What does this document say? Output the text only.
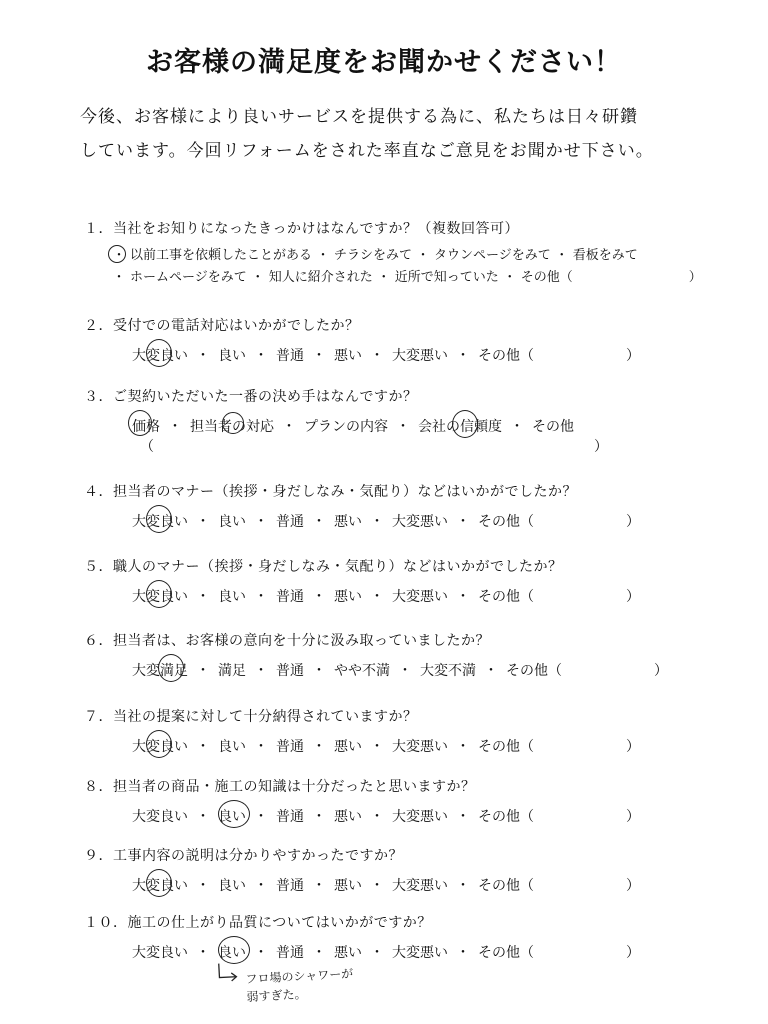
お客様の満足度をお聞かせください！
今後、お客様により良いサービスを提供する為に、私たちは日々研鑽
しています。今回リフォームをされた率直なご意見をお聞かせ下さい。
１．当社をお知りになったきっかけはなんですか？（複数回答可）
・ 以前工事を依頼したことがある ・ チラシをみて ・ タウンページをみて ・ 看板をみて
・ ホームページをみて ・ 知人に紹介された ・ 近所で知っていた ・ その他（	）
２．受付での電話対応はいかがでしたか？
大変良い ・ 良い ・ 普通 ・ 悪い ・ 大変悪い ・ その他（	）
３．ご契約いただいた一番の決め手はなんですか？
価格 ・ 担当者の対応 ・ プランの内容 ・ 会社の信頼度 ・ その他
（	）
４．担当者のマナー（挨拶・身だしなみ・気配り）などはいかがでしたか？
大変良い ・ 良い ・ 普通 ・ 悪い ・ 大変悪い ・ その他（	）
５．職人のマナー（挨拶・身だしなみ・気配り）などはいかがでしたか？
大変良い ・ 良い ・ 普通 ・ 悪い ・ 大変悪い ・ その他（	）
６．担当者は、お客様の意向を十分に汲み取っていましたか？
大変満足 ・ 満足 ・ 普通 ・ やや不満 ・ 大変不満 ・ その他（	）
７．当社の提案に対して十分納得されていますか？
大変良い ・ 良い ・ 普通 ・ 悪い ・ 大変悪い ・ その他（	）
８．担当者の商品・施工の知識は十分だったと思いますか？
大変良い ・ 良い ・ 普通 ・ 悪い ・ 大変悪い ・ その他（	）
９．工事内容の説明は分かりやすかったですか？
大変良い ・ 良い ・ 普通 ・ 悪い ・ 大変悪い ・ その他（	）
１０．施工の仕上がり品質についてはいかがですか？
大変良い ・ 良い ・ 普通 ・ 悪い ・ 大変悪い ・ その他（	）
フロ場のシャワーが
弱すぎた。
